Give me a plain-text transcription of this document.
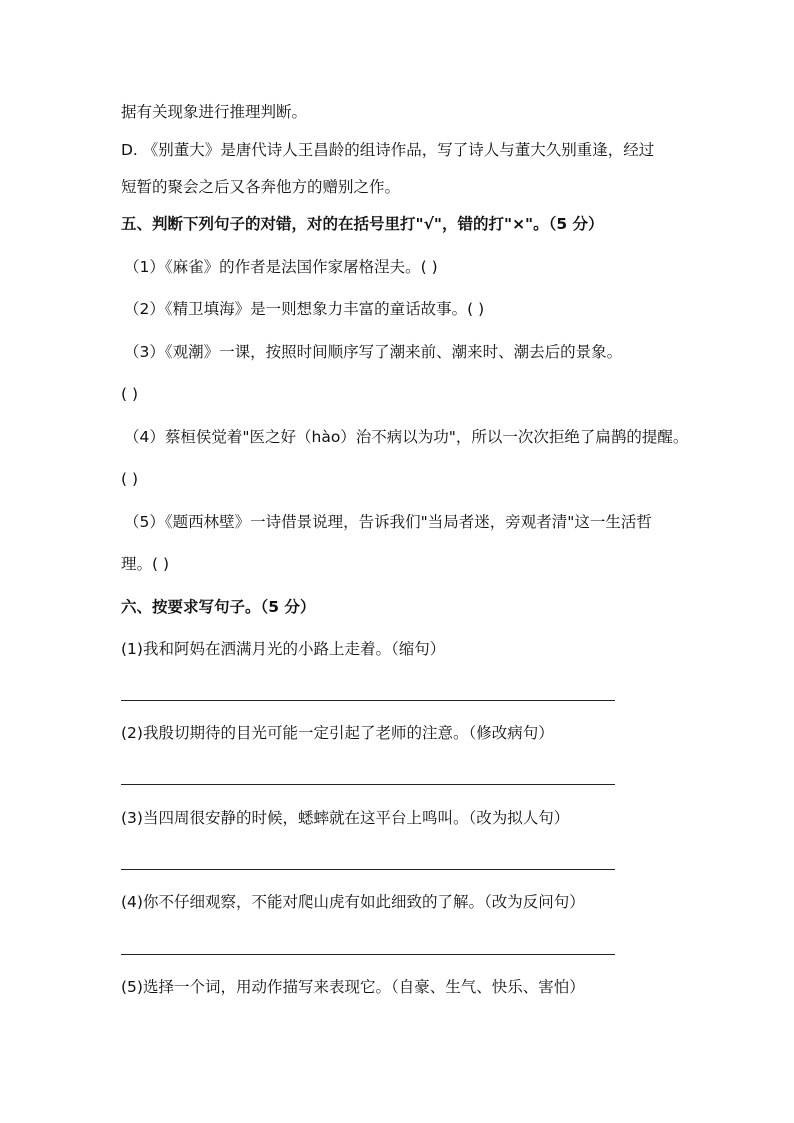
据有关现象进行推理判断。

D. 《别董大》是唐代诗人王昌龄的组诗作品，写了诗人与董大久别重逢，经过

短暂的聚会之后又各奔他方的赠别之作。

五、判断下列句子的对错，对的在括号里打"√"，错的打"×"。（5 分）

（1）《麻雀》的作者是法国作家屠格涅夫。( )

（2）《精卫填海》是一则想象力丰富的童话故事。( )

（3）《观潮》一课，按照时间顺序写了潮来前、潮来时、潮去后的景象。

( )

（4）蔡桓侯觉着"医之好（hào）治不病以为功"，所以一次次拒绝了扁鹊的提醒。

( )

（5）《题西林壁》一诗借景说理，告诉我们"当局者迷，旁观者清"这一生活哲

理。( )

六、按要求写句子。（5 分）

(1)我和阿妈在洒满月光的小路上走着。（缩句）

(2)我殷切期待的目光可能一定引起了老师的注意。（修改病句）

(3)当四周很安静的时候，蟋蟀就在这平台上鸣叫。（改为拟人句）

(4)你不仔细观察，不能对爬山虎有如此细致的了解。（改为反问句）

(5)选择一个词，用动作描写来表现它。（自豪、生气、快乐、害怕）
